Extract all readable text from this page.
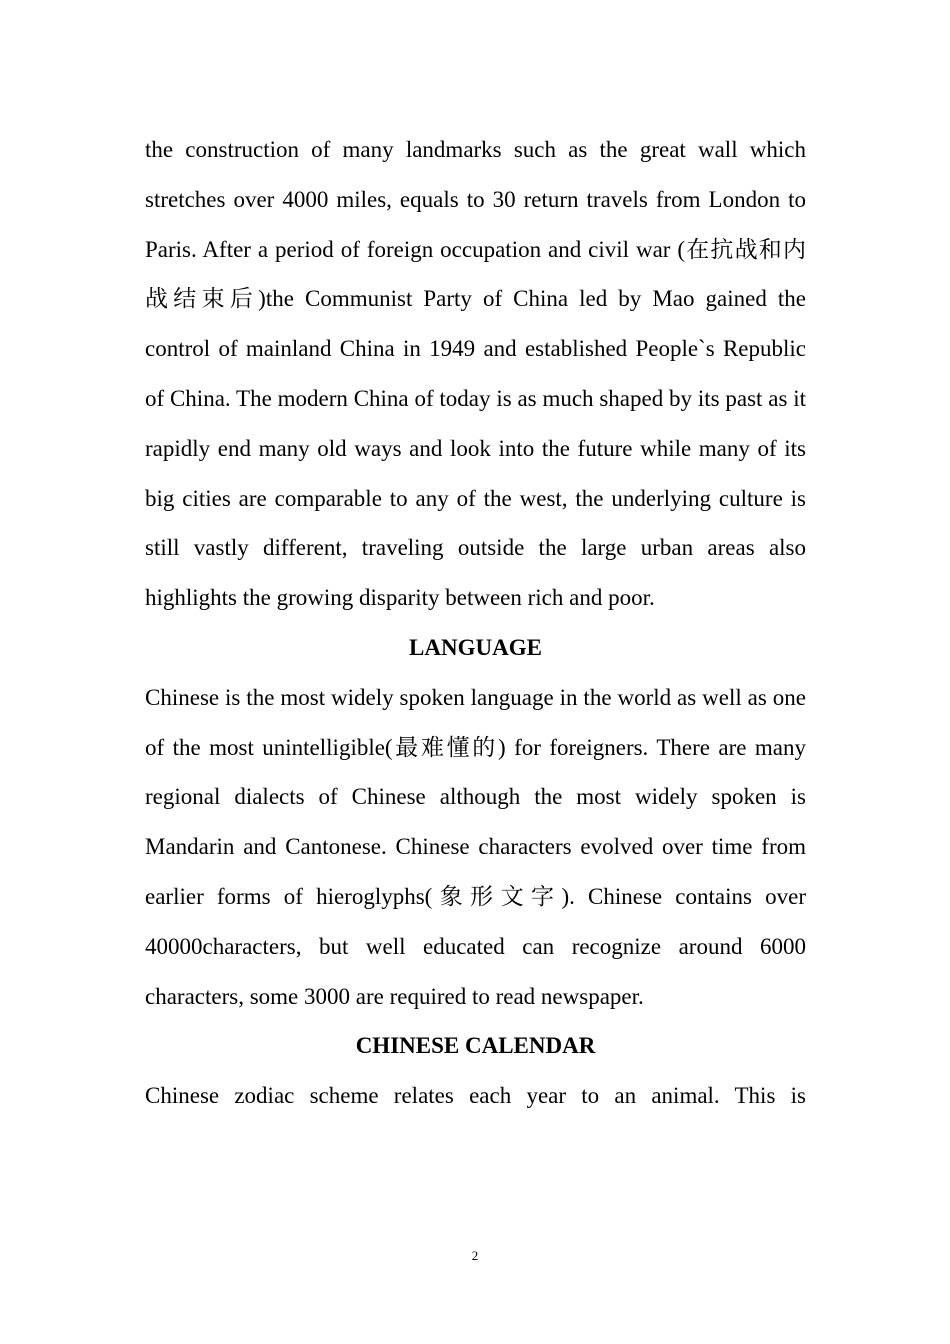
the construction of many landmarks such as the great wall which stretches over 4000 miles, equals to 30 return travels from London to Paris. After a period of foreign occupation and civil war (在抗战和内战结束后)the Communist Party of China led by Mao gained the control of mainland China in 1949 and established People`s Republic of China. The modern China of today is as much shaped by its past as it rapidly end many old ways and look into the future while many of its big cities are comparable to any of the west, the underlying culture is still vastly different, traveling outside the large urban areas also highlights the growing disparity between rich and poor.

LANGUAGE

Chinese is the most widely spoken language in the world as well as one of the most unintelligible(最难懂的) for foreigners. There are many regional dialects of Chinese although the most widely spoken is Mandarin and Cantonese. Chinese characters evolved over time from earlier forms of hieroglyphs(象形文字). Chinese contains over 40000characters, but well educated can recognize around 6000 characters, some 3000 are required to read newspaper.

CHINESE CALENDAR

Chinese zodiac scheme relates each year to an animal. This is

2
